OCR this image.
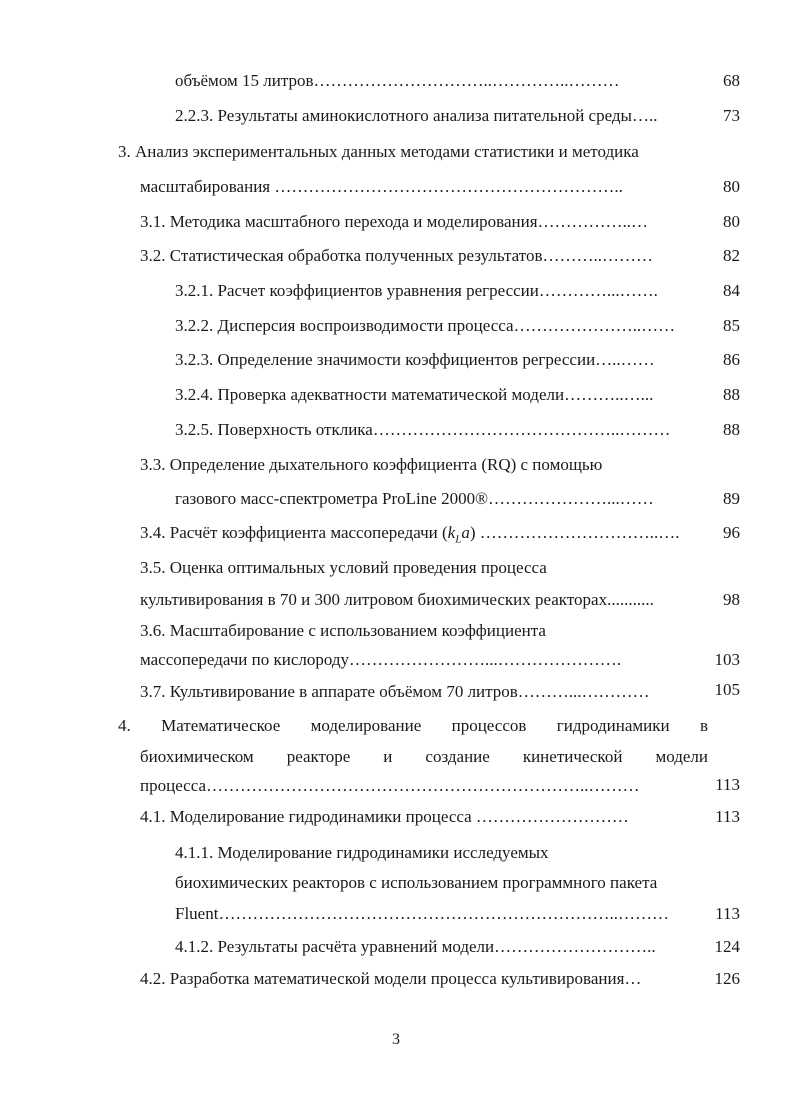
объёмом 15 литров…………………………..…………..………	68
2.2.3. Результаты аминокислотного анализа питательной среды…..	73
3. Анализ экспериментальных данных методами статистики и методика
масштабирования ……………………………………………………..	80
3.1. Методика масштабного перехода и моделирования……………..…	80
3.2. Статистическая обработка полученных результатов………..………	82
3.2.1. Расчет коэффициентов уравнения регрессии…………...…….	84
3.2.2. Дисперсия воспроизводимости процесса…………………..……	85
3.2.3. Определение значимости коэффициентов регрессии…..……	86
3.2.4. Проверка адекватности математической модели………..…...	88
3.2.5. Поверхность отклика……………………………………..………	88
3.3. Определение дыхательного коэффициента (RQ) с помощью
газового масс-спектрометра ProLine 2000®…………………...……	89
3.4. Расчёт коэффициента массопередачи $(k_La)$ …………………………..….	96
3.5. Оценка оптимальных условий проведения процесса
культивирования в 70 и 300 литровом биохимических реакторах...........	98
3.6. Масштабирование с использованием коэффициента
массопередачи по кислороду……………………...………………….	103
3.7. Культивирование в аппарате объёмом 70 литров………...…………	105
4. Математическое моделирование процессов гидродинамики в
биохимическом реакторе и создание кинетической модели
процесса…………………………………………………………..………	113
4.1. Моделирование гидродинамики процесса ………………………	113
4.1.1. Моделирование гидродинамики исследуемых
биохимических реакторов с использованием программного пакета
Fluent……………………………………………………………..………	113
4.1.2. Результаты расчёта уравнений модели………………………..	124
4.2. Разработка математической модели процесса культивирования…	126
3
